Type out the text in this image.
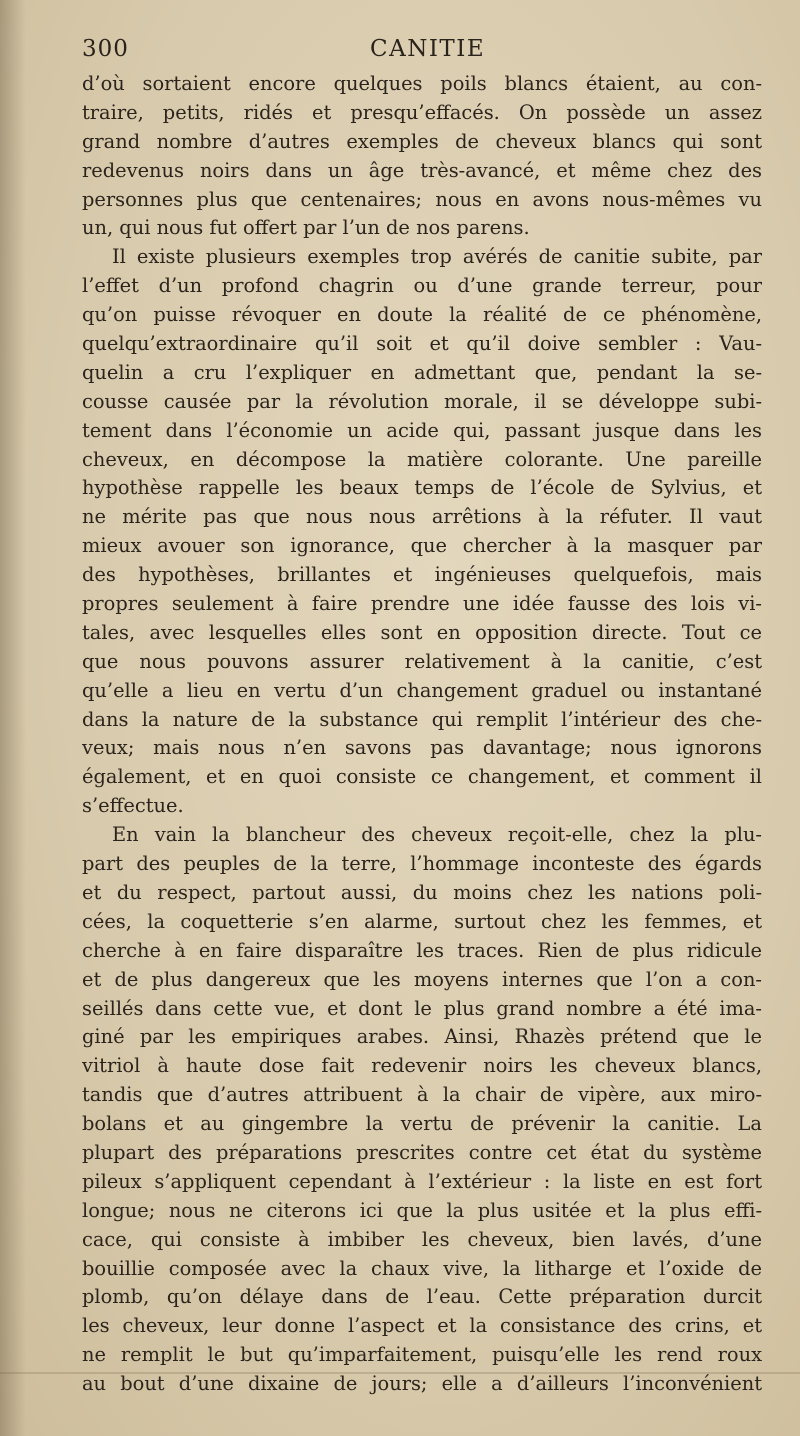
300	CANITIE
d’où sortaient encore quelques poils blancs étaient, au con-
traire, petits, ridés et presqu’effacés. On possède un assez
grand nombre d’autres exemples de cheveux blancs qui sont
redevenus noirs dans un âge très-avancé, et même chez des
personnes plus que centenaires; nous en avons nous-mêmes vu
un, qui nous fut offert par l’un de nos parens.
Il existe plusieurs exemples trop avérés de canitie subite, par
l’effet d’un profond chagrin ou d’une grande terreur, pour
qu’on puisse révoquer en doute la réalité de ce phénomène,
quelqu’extraordinaire qu’il soit et qu’il doive sembler : Vau-
quelin a cru l’expliquer en admettant que, pendant la se-
cousse causée par la révolution morale, il se développe subi-
tement dans l’économie un acide qui, passant jusque dans les
cheveux, en décompose la matière colorante. Une pareille
hypothèse rappelle les beaux temps de l’école de Sylvius, et
ne mérite pas que nous nous arrêtions à la réfuter. Il vaut
mieux avouer son ignorance, que chercher à la masquer par
des hypothèses, brillantes et ingénieuses quelquefois, mais
propres seulement à faire prendre une idée fausse des lois vi-
tales, avec lesquelles elles sont en opposition directe. Tout ce
que nous pouvons assurer relativement à la canitie, c’est
qu’elle a lieu en vertu d’un changement graduel ou instantané
dans la nature de la substance qui remplit l’intérieur des che-
veux; mais nous n’en savons pas davantage; nous ignorons
également, et en quoi consiste ce changement, et comment il
s’effectue.
En vain la blancheur des cheveux reçoit-elle, chez la plu-
part des peuples de la terre, l’hommage inconteste des égards
et du respect, partout aussi, du moins chez les nations poli-
cées, la coquetterie s’en alarme, surtout chez les femmes, et
cherche à en faire disparaître les traces. Rien de plus ridicule
et de plus dangereux que les moyens internes que l’on a con-
seillés dans cette vue, et dont le plus grand nombre a été ima-
giné par les empiriques arabes. Ainsi, Rhazès prétend que le
vitriol à haute dose fait redevenir noirs les cheveux blancs,
tandis que d’autres attribuent à la chair de vipère, aux miro-
bolans et au gingembre la vertu de prévenir la canitie. La
plupart des préparations prescrites contre cet état du système
pileux s’appliquent cependant à l’extérieur : la liste en est fort
longue; nous ne citerons ici que la plus usitée et la plus effi-
cace, qui consiste à imbiber les cheveux, bien lavés, d’une
bouillie composée avec la chaux vive, la litharge et l’oxide de
plomb, qu’on délaye dans de l’eau. Cette préparation durcit
les cheveux, leur donne l’aspect et la consistance des crins, et
ne remplit le but qu’imparfaitement, puisqu’elle les rend roux
au bout d’une dixaine de jours; elle a d’ailleurs l’inconvénient
